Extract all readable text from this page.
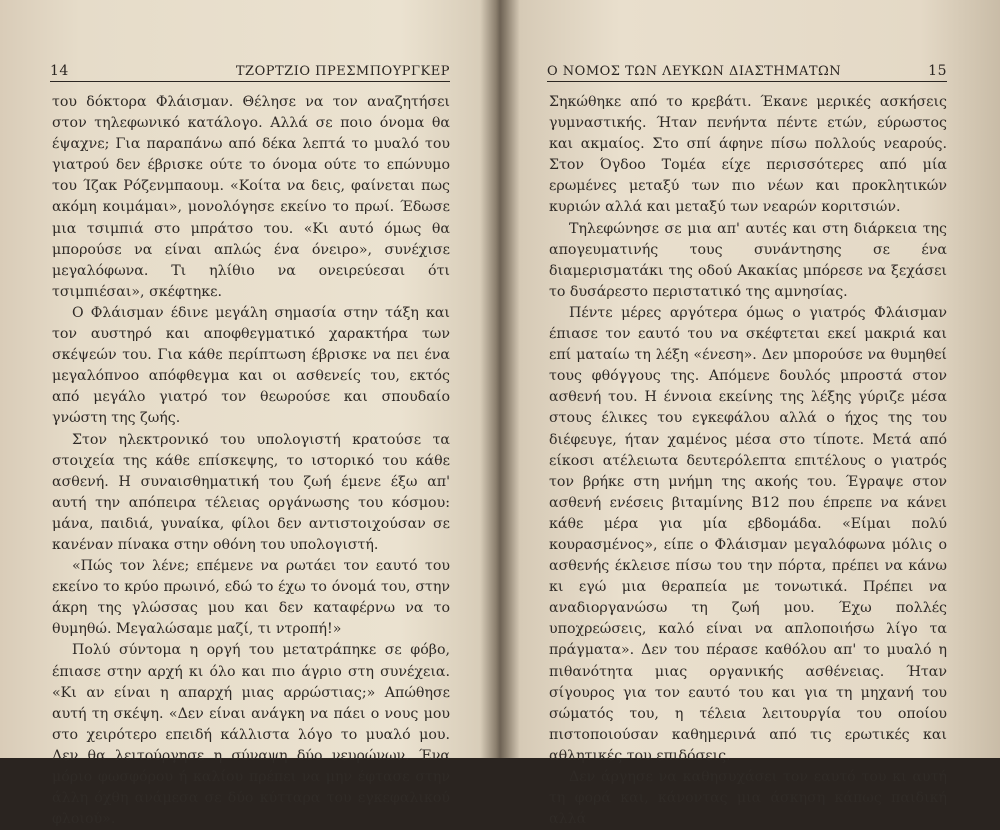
14	ΤΖΟΡΤΖΙΟ ΠΡΕΣΜΠΟΥΡΓΚΕΡ

του δόκτορα Φλάισμαν. Θέλησε να τον αναζητήσει στον τηλεφωνικό κατάλογο. Αλλά σε ποιο όνομα θα έψαχνε; Για παραπάνω από δέκα λεπτά το μυαλό του γιατρού δεν έβρισκε ούτε το όνομα ούτε το επώνυμο του Ίζακ Ρόζενμπαουμ. «Κοίτα να δεις, φαίνεται πως ακόμη κοιμάμαι», μονολόγησε εκείνο το πρωί. Έδωσε μια τσιμπιά στο μπράτσο του. «Κι αυτό όμως θα μπορούσε να είναι απλώς ένα όνειρο», συνέχισε μεγαλόφωνα. Τι ηλίθιο να ονειρεύεσαι ότι τσιμπιέσαι», σκέφτηκε.

Ο Φλάισμαν έδινε μεγάλη σημασία στην τάξη και τον αυστηρό και αποφθεγματικό χαρακτήρα των σκέψεών του. Για κάθε περίπτωση έβρισκε να πει ένα μεγαλόπνοο απόφθεγμα και οι ασθενείς του, εκτός από μεγάλο γιατρό τον θεωρούσε και σπουδαίο γνώστη της ζωής.

Στον ηλεκτρονικό του υπολογιστή κρατούσε τα στοιχεία της κάθε επίσκεψης, το ιστορικό του κάθε ασθενή. Η συναισθηματική του ζωή έμενε έξω απ' αυτή την απόπειρα τέλειας οργάνωσης του κόσμου: μάνα, παιδιά, γυναίκα, φίλοι δεν αντιστοιχούσαν σε κανέναν πίνακα στην οθόνη του υπολογιστή.

«Πώς τον λένε; επέμενε να ρωτάει τον εαυτό του εκείνο το κρύο πρωινό, εδώ το έχω το όνομά του, στην άκρη της γλώσσας μου και δεν καταφέρνω να το θυμηθώ. Μεγαλώσαμε μαζί, τι ντροπή!»

Πολύ σύντομα η οργή του μετατράπηκε σε φόβο, έπιασε στην αρχή κι όλο και πιο άγριο στη συνέχεια. «Κι αν είναι η απαρχή μιας αρρώστιας;» Απώθησε αυτή τη σκέψη. «Δεν είναι ανάγκη να πάει ο νους μου στο χειρότερο επειδή κάλλιστα λόγο το μυαλό μου. Δεν θα λειτούργησε η σύναψη δύο νευρώνων. Ένα μόριο φωσφόρου ή καλίου πρέπει να μην έφτασε στην άλλη όχθη ανάμεσα σε δύο κύτταρα του εγκεφαλικού φλοιού».

Ο ΝΟΜΟΣ ΤΩΝ ΛΕΥΚΩΝ ΔΙΑΣΤΗΜΑΤΩΝ	15

Σηκώθηκε από το κρεβάτι. Έκανε μερικές ασκήσεις γυμναστικής. Ήταν πενήντα πέντε ετών, εύρωστος και ακμαίος. Στο σπί άφηνε πίσω πολλούς νεαρούς. Στον Όγδοο Τομέα είχε περισσότερες από μία ερωμένες μεταξύ των πιο νέων και προκλητικών κυριών αλλά και μεταξύ των νεαρών κοριτσιών.

Τηλεφώνησε σε μια απ' αυτές και στη διάρκεια της απογευματινής τους συνάντησης σε ένα διαμερισματάκι της οδού Ακακίας μπόρεσε να ξεχάσει το δυσάρεστο περιστατικό της αμνησίας.

Πέντε μέρες αργότερα όμως ο γιατρός Φλάισμαν έπιασε τον εαυτό του να σκέφτεται εκεί μακριά και επί ματαίω τη λέξη «ένεση». Δεν μπορούσε να θυμηθεί τους φθόγγους της. Απόμενε δουλός μπροστά στον ασθενή του. Η έννοια εκείνης της λέξης γύριζε μέσα στους έλικες του εγκεφάλου αλλά ο ήχος της του διέφευγε, ήταν χαμένος μέσα στο τίποτε. Μετά από είκοσι ατέλειωτα δευτερόλεπτα επιτέλους ο γιατρός τον βρήκε στη μνήμη της ακοής του. Έγραψε στον ασθενή ενέσεις βιταμίνης Β12 που έπρεπε να κάνει κάθε μέρα για μία εβδομάδα. «Είμαι πολύ κουρασμένος», είπε ο Φλάισμαν μεγαλόφωνα μόλις ο ασθενής έκλεισε πίσω του την πόρτα, πρέπει να κάνω κι εγώ μια θεραπεία με τονωτικά. Πρέπει να αναδιοργανώσω τη ζωή μου. Έχω πολλές υποχρεώσεις, καλό είναι να απλοποιήσω λίγο τα πράγματα». Δεν του πέρασε καθόλου απ' το μυαλό η πιθανότητα μιας οργανικής ασθένειας. Ήταν σίγουρος για τον εαυτό του και για τη μηχανή του σώματός του, η τέλεια λειτουργία του οποίου πιστοποιούσαν καθημερινά από τις ερωτικές και αθλητικές του επιδόσεις.

Δεν άργησε να καθησυχάσει τον εαυτό του κι αυτή τη φορά και, κάνοντας μια άσκηση κάπως παιδική αλλά
